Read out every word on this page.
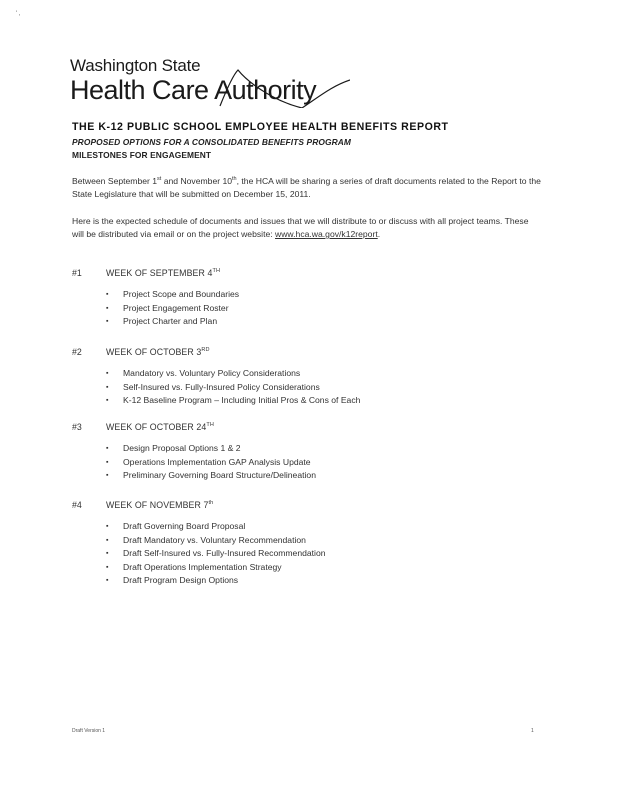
' ,
Washington State
Health Care Authority
THE K-12 PUBLIC SCHOOL EMPLOYEE HEALTH BENEFITS REPORT
PROPOSED OPTIONS FOR A CONSOLIDATED BENEFITS PROGRAM
MILESTONES FOR ENGAGEMENT
Between September 1st and November 10th, the HCA will be sharing a series of draft documents related to the Report to the State Legislature that will be submitted on December 15, 2011.
Here is the expected schedule of documents and issues that we will distribute to or discuss with all project teams. These will be distributed via email or on the project website: www.hca.wa.gov/k12report.
#1	WEEK OF SEPTEMBER 4TH
▪ Project Scope and Boundaries
▪ Project Engagement Roster
▪ Project Charter and Plan
#2	WEEK OF OCTOBER 3RD
▪ Mandatory vs. Voluntary Policy Considerations
▪ Self-Insured vs. Fully-Insured Policy Considerations
▪ K-12 Baseline Program – Including Initial Pros & Cons of Each
#3	WEEK OF OCTOBER 24TH
▪ Design Proposal Options 1 & 2
▪ Operations Implementation GAP Analysis Update
▪ Preliminary Governing Board Structure/Delineation
#4	WEEK OF NOVEMBER 7th
▪ Draft Governing Board Proposal
▪ Draft Mandatory vs. Voluntary Recommendation
▪ Draft Self-Insured vs. Fully-Insured Recommendation
▪ Draft Operations Implementation Strategy
▪ Draft Program Design Options
Draft Version 1	1
